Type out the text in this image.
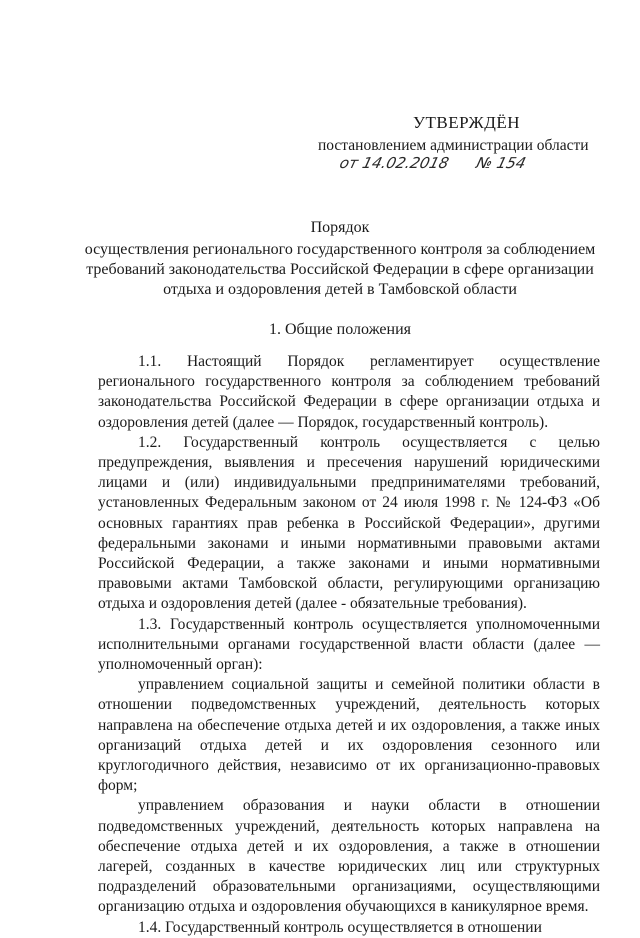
УТВЕРЖДЁН
постановлением администрации области
от 14.02.2018 № 154
Порядок
осуществления регионального государственного контроля за соблюдением
требований законодательства Российской Федерации в сфере организации
отдыха и оздоровления детей в Тамбовской области
1. Общие положения

1.1. Настоящий Порядок регламентирует осуществление регионального государственного контроля за соблюдением требований законодательства Российской Федерации в сфере организации отдыха и оздоровления детей (далее — Порядок, государственный контроль).

1.2. Государственный контроль осуществляется с целью предупреждения, выявления и пресечения нарушений юридическими лицами и (или) индивидуальными предпринимателями требований, установленных Федеральным законом от 24 июля 1998 г. № 124-ФЗ «Об основных гарантиях прав ребенка в Российской Федерации», другими федеральными законами и иными нормативными правовыми актами Российской Федерации, а также законами и иными нормативными правовыми актами Тамбовской области, регулирующими организацию отдыха и оздоровления детей (далее - обязательные требования).

1.3. Государственный контроль осуществляется уполномоченными исполнительными органами государственной власти области (далее — уполномоченный орган):

управлением социальной защиты и семейной политики области в отношении подведомственных учреждений, деятельность которых направлена на обеспечение отдыха детей и их оздоровления, а также иных организаций отдыха детей и их оздоровления сезонного или круглогодичного действия, независимо от их организационно-правовых форм;

управлением образования и науки области в отношении подведомственных учреждений, деятельность которых направлена на обеспечение отдыха детей и их оздоровления, а также в отношении лагерей, созданных в качестве юридических лиц или структурных подразделений образовательными организациями, осуществляющими организацию отдыха и оздоровления обучающихся в каникулярное время.

1.4. Государственный контроль осуществляется в отношении
